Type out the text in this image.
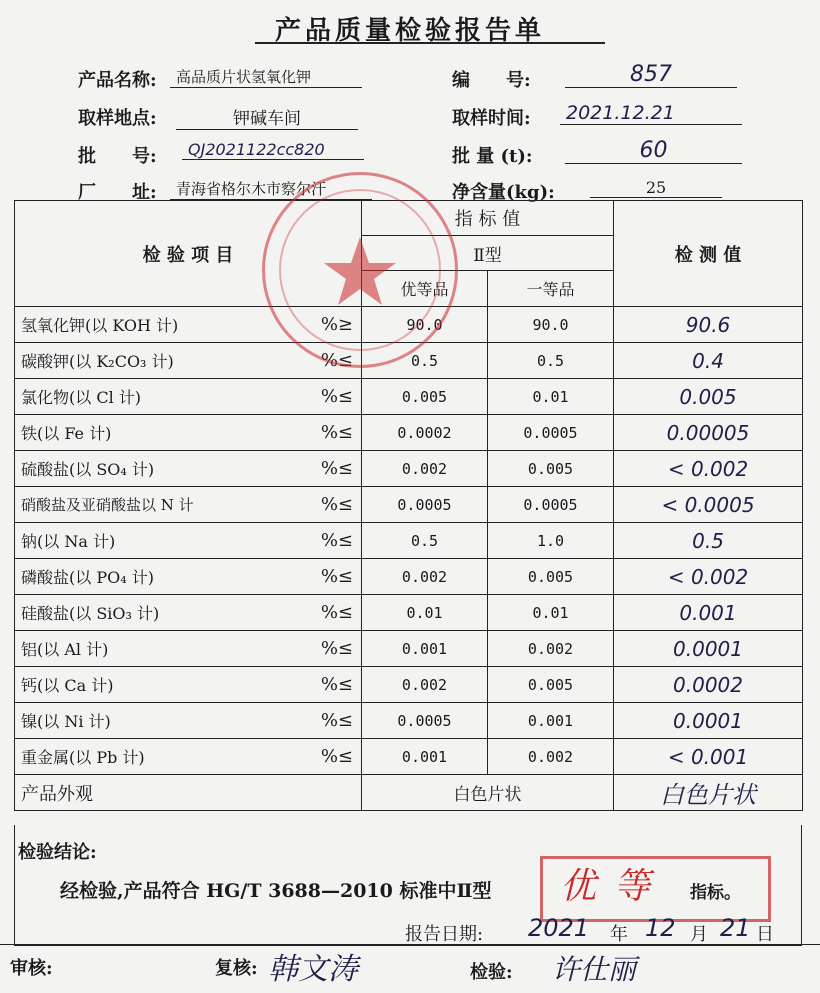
产品质量检验报告单
产品名称:	高品质片状氢氧化钾	编　　号:	857
取样地点:	钾碱车间	取样时间:	2021.12.21
批　　号:	QJ2021122cc820	批 量 (t):	60
厂　　址:	青海省格尔木市察尔汗	净含量(kg):	25
检 验 项 目		指 标 值		检 测 值
		Ⅱ型		
		优等品	一等品	
氢氧化钾(以 KOH 计)	%≥	90.0	90.0	90.6
碳酸钾(以 K₂CO₃ 计)	%≤	0.5	0.5	0.4
氯化物(以 Cl 计)	%≤	0.005	0.01	0.005
铁(以 Fe 计)	%≤	0.0002	0.0005	0.00005
硫酸盐(以 SO₄ 计)	%≤	0.002	0.005	< 0.002
硝酸盐及亚硝酸盐以 N 计	%≤	0.0005	0.0005	< 0.0005
钠(以 Na 计)	%≤	0.5	1.0	0.5
磷酸盐(以 PO₄ 计)	%≤	0.002	0.005	< 0.002
硅酸盐(以 SiO₃ 计)	%≤	0.01	0.01	0.001
铝(以 Al 计)	%≤	0.001	0.002	0.0001
钙(以 Ca 计)	%≤	0.002	0.005	0.0002
镍(以 Ni 计)	%≤	0.0005	0.001	0.0001
重金属(以 Pb 计)	%≤	0.001	0.002	< 0.001
产品外观		白色片状		白色片状
检验结论:
经检验,产品符合 HG/T 3688—2010 标准中Ⅱ型 优等 指标。
报告日期: 2021 年 12 月 21 日
审核:	复核: 韩文涛	检验: 许仕丽
